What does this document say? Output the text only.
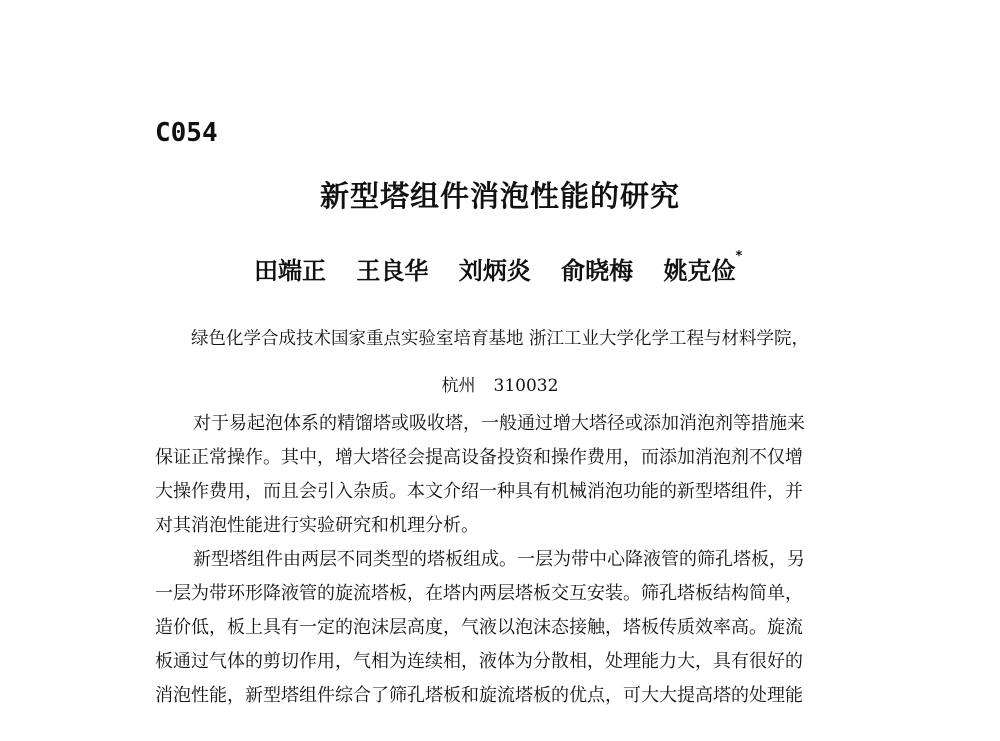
C054
新型塔组件消泡性能的研究
田端正 王良华 刘炳炎 俞晓梅 姚克俭*
绿色化学合成技术国家重点实验室培育基地 浙江工业大学化学工程与材料学院，
杭州 310032
对于易起泡体系的精馏塔或吸收塔，一般通过增大塔径或添加消泡剂等措施来
保证正常操作。其中，增大塔径会提高设备投资和操作费用，而添加消泡剂不仅增
大操作费用，而且会引入杂质。本文介绍一种具有机械消泡功能的新型塔组件，并
对其消泡性能进行实验研究和机理分析。
新型塔组件由两层不同类型的塔板组成。一层为带中心降液管的筛孔塔板，另
一层为带环形降液管的旋流塔板，在塔内两层塔板交互安装。筛孔塔板结构简单，
造价低，板上具有一定的泡沫层高度，气液以泡沫态接触，塔板传质效率高。旋流
板通过气体的剪切作用，气相为连续相，液体为分散相，处理能力大，具有很好的
消泡性能，新型塔组件综合了筛孔塔板和旋流塔板的优点，可大大提高塔的处理能
